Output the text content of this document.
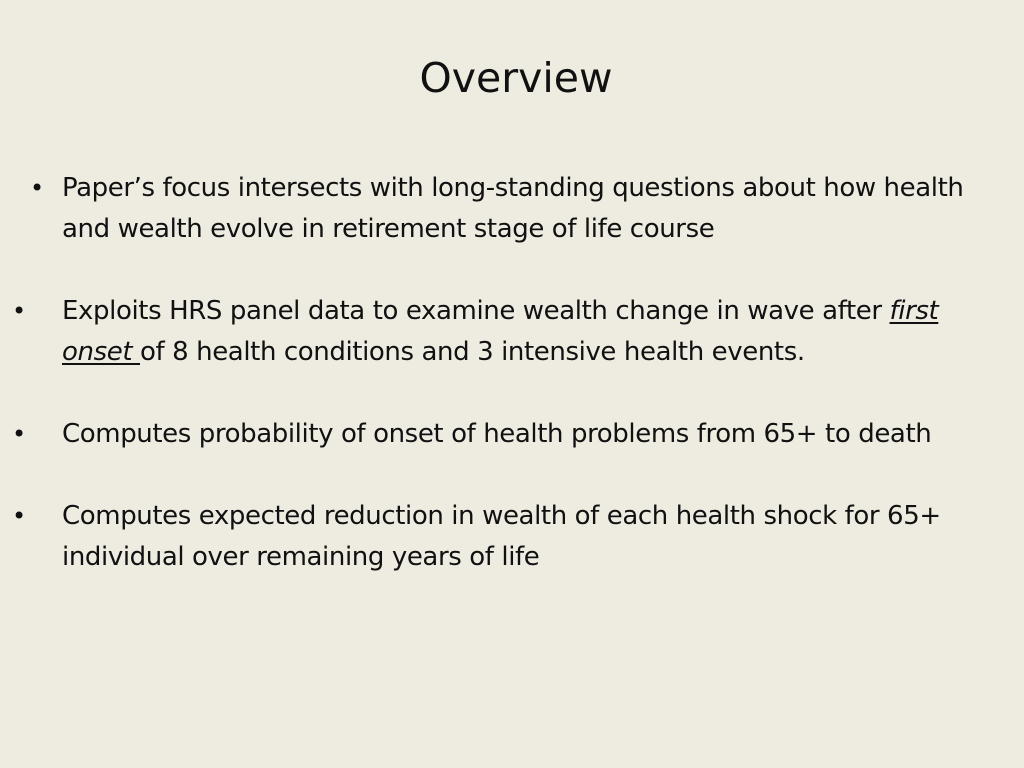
Overview
• Paper’s focus intersects with long-standing questions about how health and wealth evolve in retirement stage of life course
• Exploits HRS panel data to examine wealth change in wave after first onset of 8 health conditions and 3 intensive health events.
• Computes probability of onset of health problems from 65+ to death
• Computes expected reduction in wealth of each health shock for 65+ individual over remaining years of life
